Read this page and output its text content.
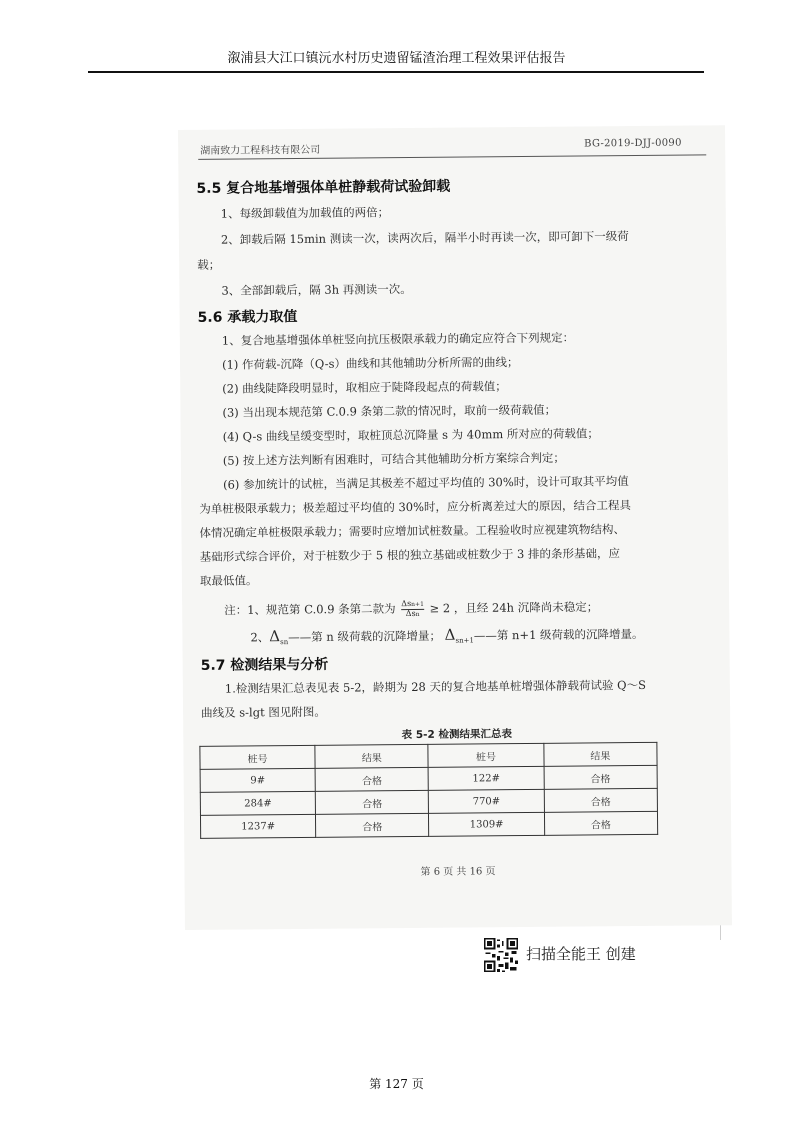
溆浦县大江口镇沅水村历史遗留锰渣治理工程效果评估报告
湖南致力工程科技有限公司
BG-2019-DJJ-0090
5.5 复合地基增强体单桩静载荷试验卸载
1、每级卸载值为加载值的两倍；
2、卸载后隔 15min 测读一次，读两次后，隔半小时再读一次，即可卸下一级荷
载；
3、全部卸载后，隔 3h 再测读一次。
5.6 承载力取值
1、复合地基增强体单桩竖向抗压极限承载力的确定应符合下列规定：
(1) 作荷载-沉降（Q-s）曲线和其他辅助分析所需的曲线；
(2) 曲线陡降段明显时，取相应于陡降段起点的荷载值；
(3) 当出现本规范第 C.0.9 条第二款的情况时，取前一级荷载值；
(4) Q-s 曲线呈缓变型时，取桩顶总沉降量 s 为 40mm 所对应的荷载值；
(5) 按上述方法判断有困难时，可结合其他辅助分析方案综合判定；
(6) 参加统计的试桩，当满足其极差不超过平均值的 30%时，设计可取其平均值
为单桩极限承载力；极差超过平均值的 30%时，应分析离差过大的原因，结合工程具
体情况确定单桩极限承载力；需要时应增加试桩数量。工程验收时应视建筑物结构、
基础形式综合评价，对于桩数少于 5 根的独立基础或桩数少于 3 排的条形基础，应
取最低值。
注：1、规范第 C.0.9 条第二款为 Δsn+1
Δsn ≥ 2 ，且经 24h 沉降尚未稳定；
2、$\Delta_{sn}——$第 n 级荷载的沉降增量； $\Delta_{sn+1}——$第 n+1 级荷载的沉降增量。
5.7 检测结果与分析
1.检测结果汇总表见表 5-2，龄期为 28 天的复合地基单桩增强体静载荷试验 Q～S
曲线及 s-lgt 图见附图。
表 5-2 检测结果汇总表
桩号	结果	桩号	结果
9#	合格	122#	合格
284#	合格	770#	合格
1237#	合格	1309#	合格
第 6 页 共 16 页
扫描全能王 创建
第 127 页
